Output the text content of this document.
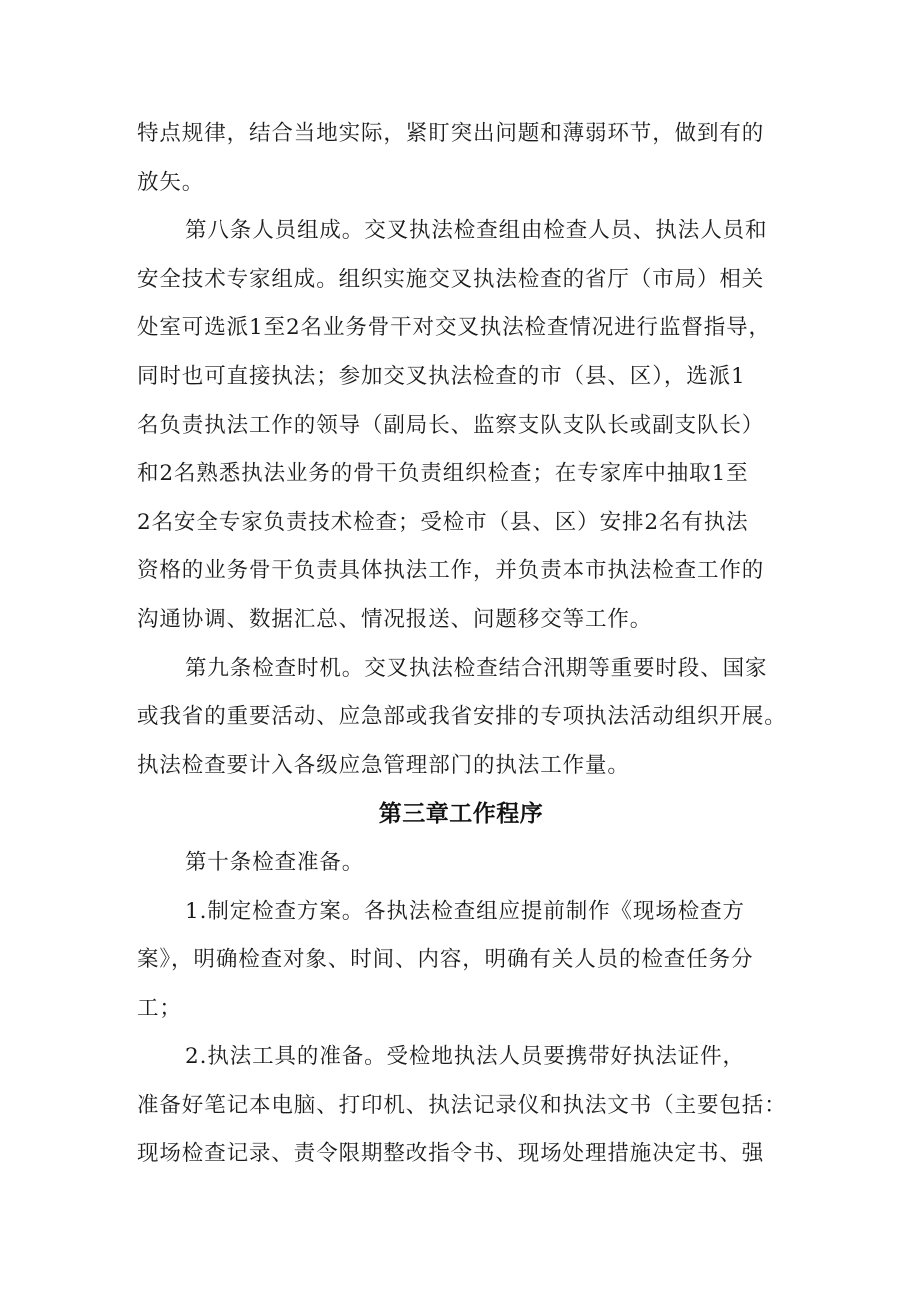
特点规律，结合当地实际，紧盯突出问题和薄弱环节，做到有的
放矢。
第八条人员组成。交叉执法检查组由检查人员、执法人员和
安全技术专家组成。组织实施交叉执法检查的省厅（市局）相关
处室可选派1至2名业务骨干对交叉执法检查情况进行监督指导，
同时也可直接执法；参加交叉执法检查的市（县、区），选派1
名负责执法工作的领导（副局长、监察支队支队长或副支队长）
和2名熟悉执法业务的骨干负责组织检查；在专家库中抽取1至
2名安全专家负责技术检查；受检市（县、区）安排2名有执法
资格的业务骨干负责具体执法工作，并负责本市执法检查工作的
沟通协调、数据汇总、情况报送、问题移交等工作。
第九条检查时机。交叉执法检查结合汛期等重要时段、国家
或我省的重要活动、应急部或我省安排的专项执法活动组织开展。
执法检查要计入各级应急管理部门的执法工作量。
第三章工作程序
第十条检查准备。
1.制定检查方案。各执法检查组应提前制作《现场检查方
案》，明确检查对象、时间、内容，明确有关人员的检查任务分
工；
2.执法工具的准备。受检地执法人员要携带好执法证件，
准备好笔记本电脑、打印机、执法记录仪和执法文书（主要包括：
现场检查记录、责令限期整改指令书、现场处理措施决定书、强
